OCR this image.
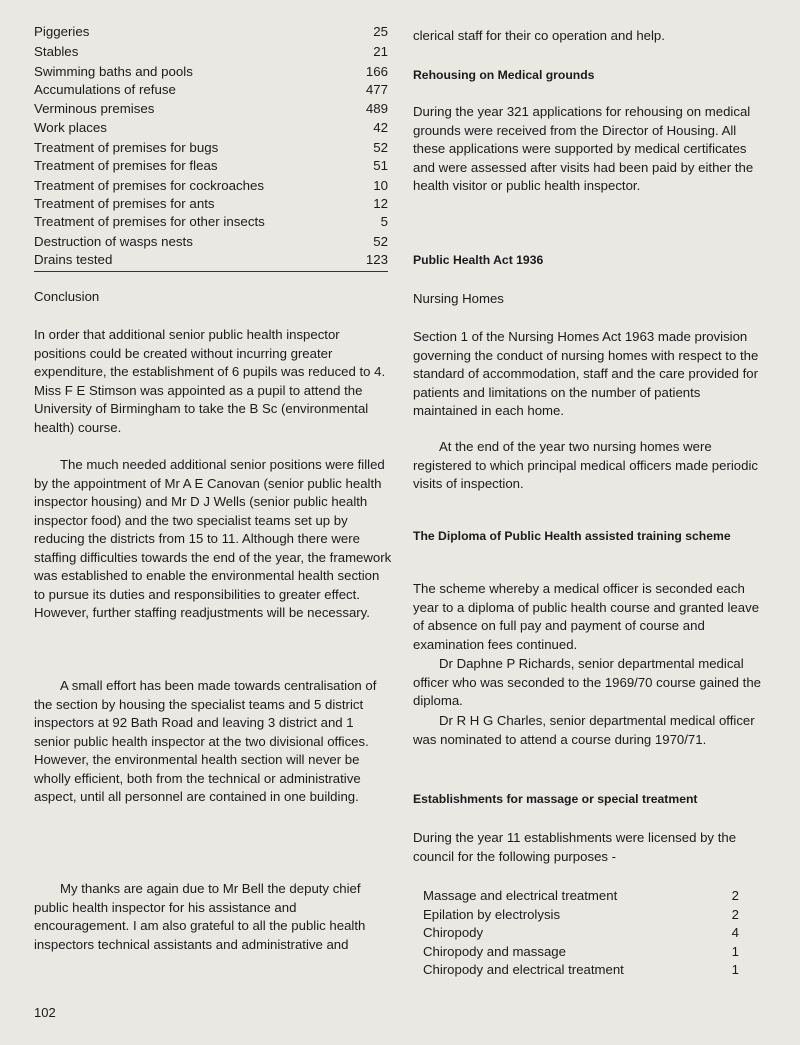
Piggeries	25
Stables	21
Swimming baths and pools	166
Accumulations of refuse	477
Verminous premises	489
Work places	42
Treatment of premises for bugs	52
Treatment of premises for fleas	51
Treatment of premises for cockroaches	10
Treatment of premises for ants	12
Treatment of premises for other insects	5
Destruction of wasps nests	52
Drains tested	123

Conclusion

In order that additional senior public health inspector positions could be created without incurring greater expenditure, the establishment of 6 pupils was reduced to 4. Miss F E Stimson was appointed as a pupil to attend the University of Birmingham to take the B Sc (environmental health) course.

The much needed additional senior positions were filled by the appointment of Mr A E Canovan (senior public health inspector housing) and Mr D J Wells (senior public health inspector food) and the two specialist teams set up by reducing the districts from 15 to 11. Although there were staffing difficulties towards the end of the year, the framework was established to enable the environmental health section to pursue its duties and responsibilities to greater effect. However, further staffing readjustments will be necessary.

A small effort has been made towards centralisation of the section by housing the specialist teams and 5 district inspectors at 92 Bath Road and leaving 3 district and 1 senior public health inspector at the two divisional offices. However, the environmental health section will never be wholly efficient, both from the technical or administrative aspect, until all personnel are contained in one building.

My thanks are again due to Mr Bell the deputy chief public health inspector for his assistance and encouragement. I am also grateful to all the public health inspectors technical assistants and administrative and

clerical staff for their co operation and help.

Rehousing on Medical grounds

During the year 321 applications for rehousing on medical grounds were received from the Director of Housing. All these applications were supported by medical certificates and were assessed after visits had been paid by either the health visitor or public health inspector.

Public Health Act 1936

Nursing Homes

Section 1 of the Nursing Homes Act 1963 made provision governing the conduct of nursing homes with respect to the standard of accommodation, staff and the care provided for patients and limitations on the number of patients maintained in each home.

At the end of the year two nursing homes were registered to which principal medical officers made periodic visits of inspection.

The Diploma of Public Health assisted training scheme

The scheme whereby a medical officer is seconded each year to a diploma of public health course and granted leave of absence on full pay and payment of course and examination fees continued.

Dr Daphne P Richards, senior departmental medical officer who was seconded to the 1969/70 course gained the diploma.

Dr R H G Charles, senior departmental medical officer was nominated to attend a course during 1970/71.

Establishments for massage or special treatment

During the year 11 establishments were licensed by the council for the following purposes -

Massage and electrical treatment	2
Epilation by electrolysis	2
Chiropody	4
Chiropody and massage	1
Chiropody and electrical treatment	1
102
